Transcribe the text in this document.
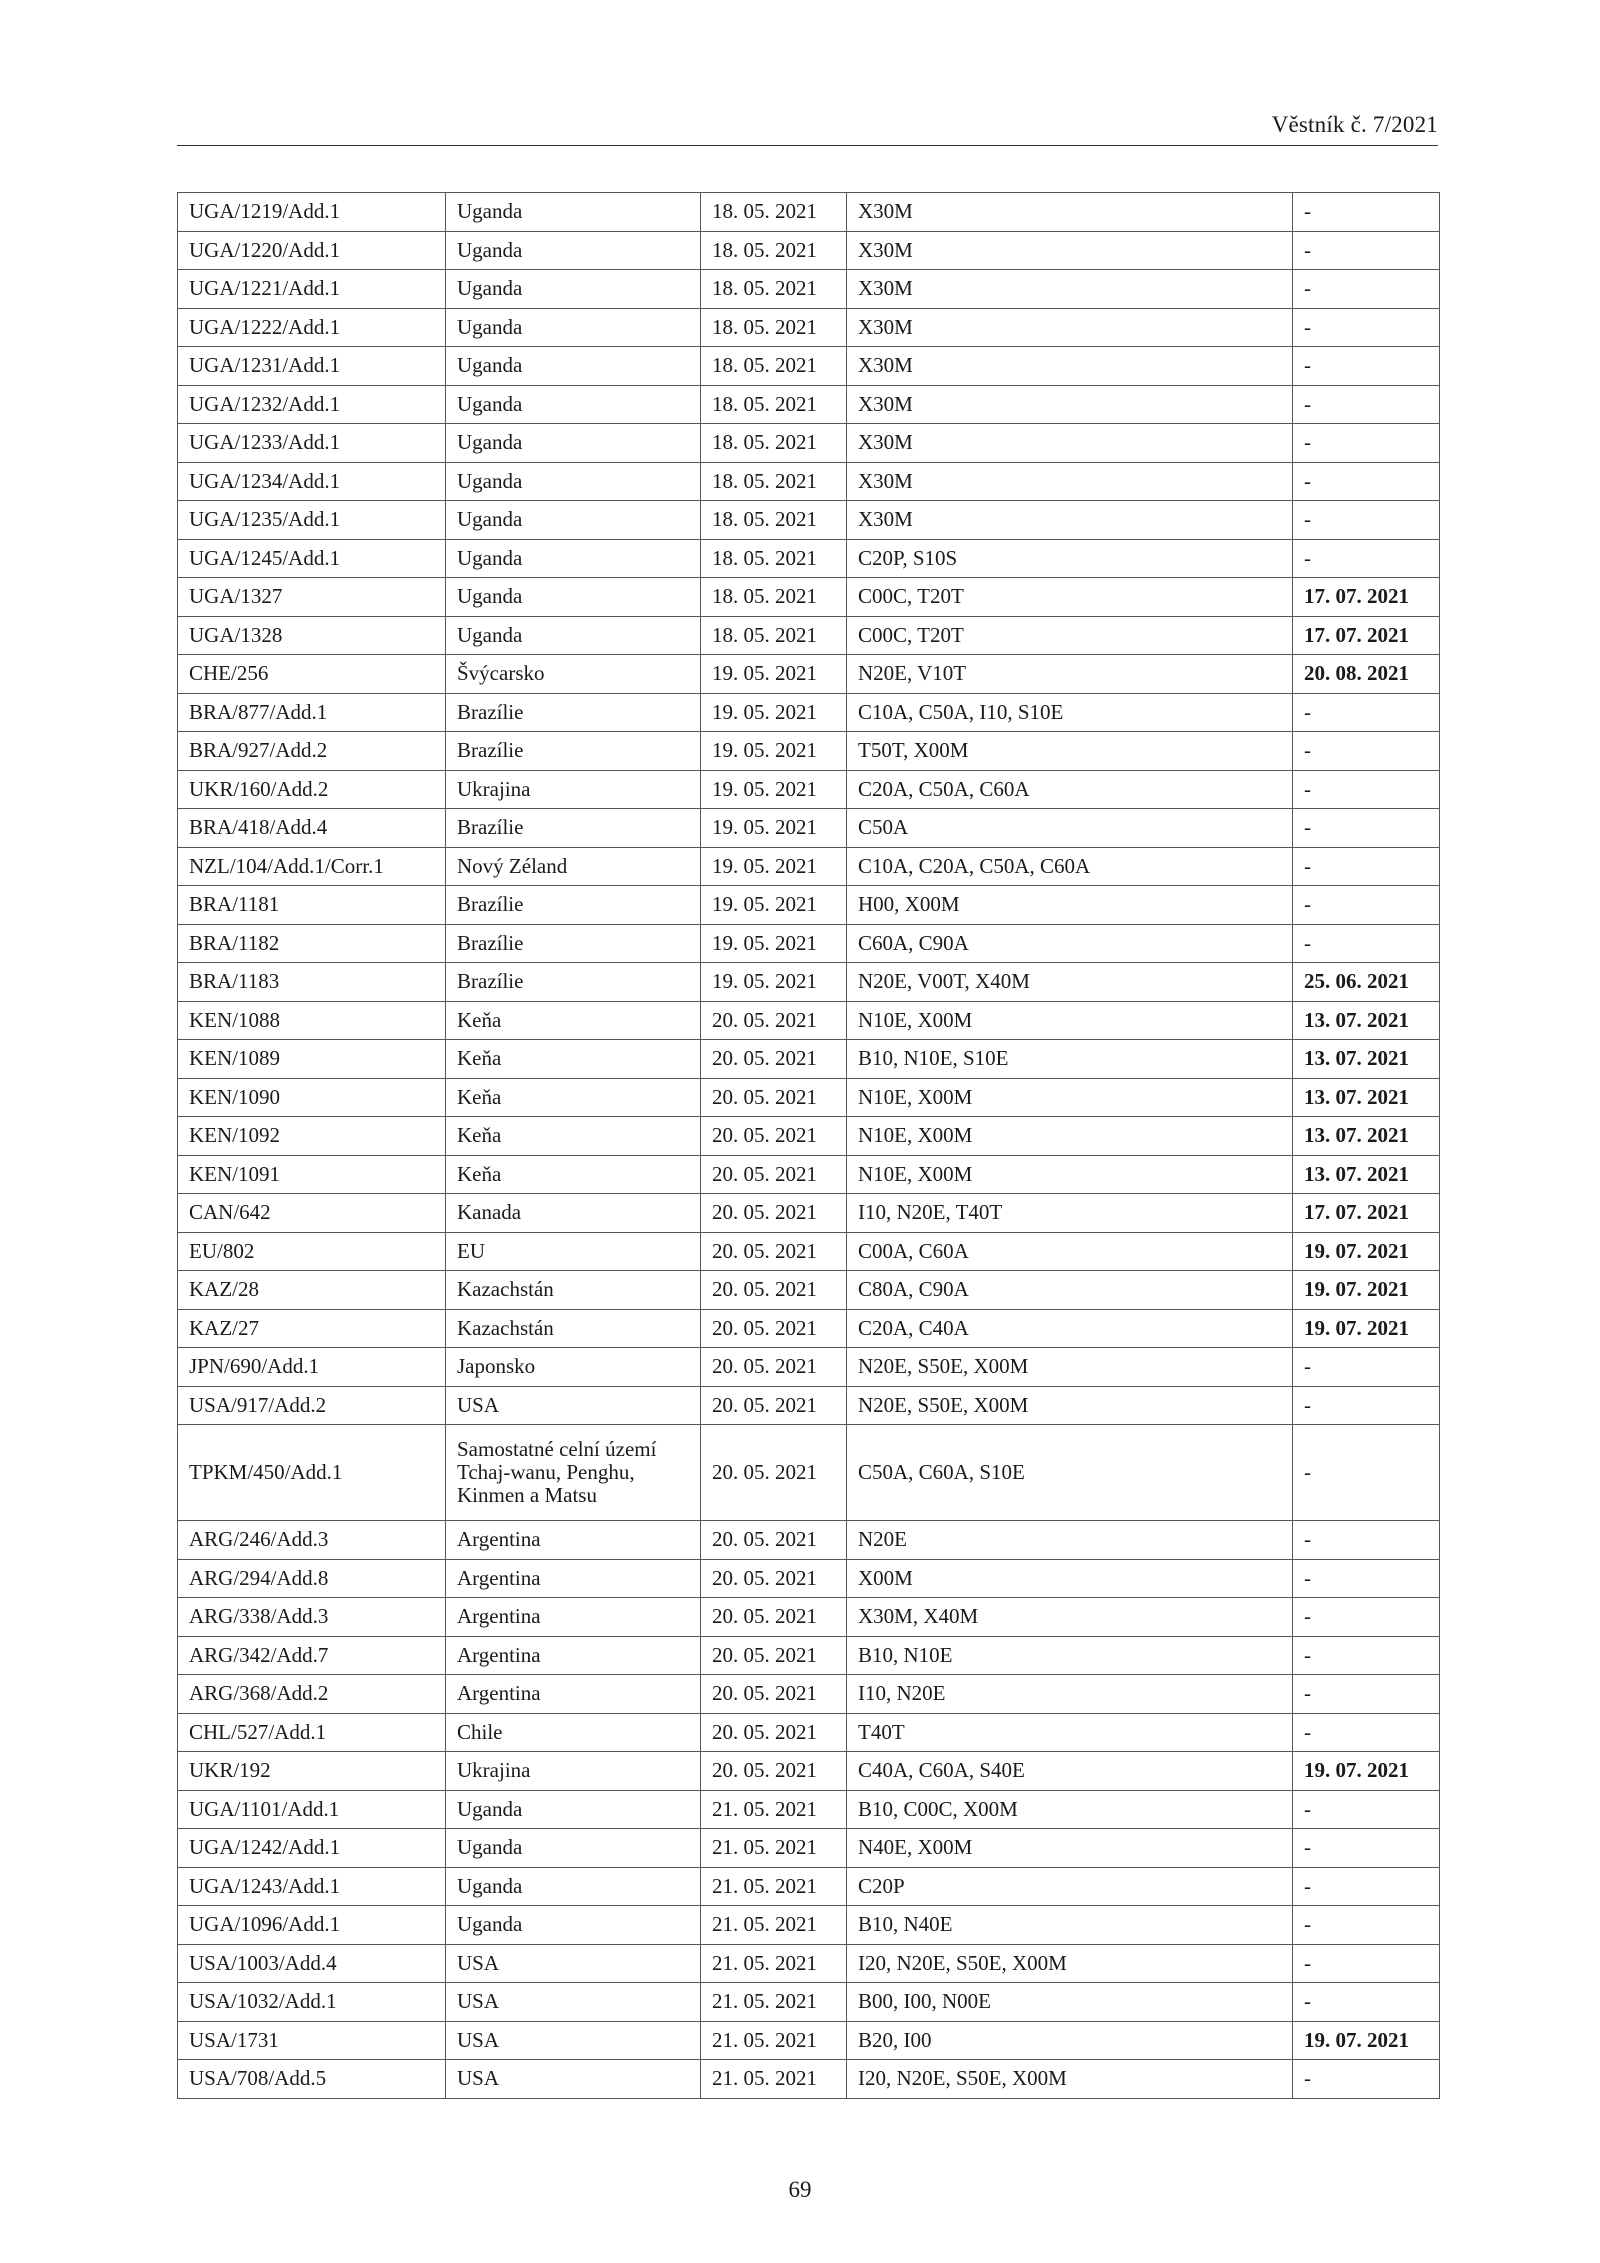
Věstník č. 7/2021
UGA/1219/Add.1	Uganda	18. 05. 2021	X30M	-
UGA/1220/Add.1	Uganda	18. 05. 2021	X30M	-
UGA/1221/Add.1	Uganda	18. 05. 2021	X30M	-
UGA/1222/Add.1	Uganda	18. 05. 2021	X30M	-
UGA/1231/Add.1	Uganda	18. 05. 2021	X30M	-
UGA/1232/Add.1	Uganda	18. 05. 2021	X30M	-
UGA/1233/Add.1	Uganda	18. 05. 2021	X30M	-
UGA/1234/Add.1	Uganda	18. 05. 2021	X30M	-
UGA/1235/Add.1	Uganda	18. 05. 2021	X30M	-
UGA/1245/Add.1	Uganda	18. 05. 2021	C20P, S10S	-
UGA/1327	Uganda	18. 05. 2021	C00C, T20T	17. 07. 2021
UGA/1328	Uganda	18. 05. 2021	C00C, T20T	17. 07. 2021
CHE/256	Švýcarsko	19. 05. 2021	N20E, V10T	20. 08. 2021
BRA/877/Add.1	Brazílie	19. 05. 2021	C10A, C50A, I10, S10E	-
BRA/927/Add.2	Brazílie	19. 05. 2021	T50T, X00M	-
UKR/160/Add.2	Ukrajina	19. 05. 2021	C20A, C50A, C60A	-
BRA/418/Add.4	Brazílie	19. 05. 2021	C50A	-
NZL/104/Add.1/Corr.1	Nový Zéland	19. 05. 2021	C10A, C20A, C50A, C60A	-
BRA/1181	Brazílie	19. 05. 2021	H00, X00M	-
BRA/1182	Brazílie	19. 05. 2021	C60A, C90A	-
BRA/1183	Brazílie	19. 05. 2021	N20E, V00T, X40M	25. 06. 2021
KEN/1088	Keňa	20. 05. 2021	N10E, X00M	13. 07. 2021
KEN/1089	Keňa	20. 05. 2021	B10, N10E, S10E	13. 07. 2021
KEN/1090	Keňa	20. 05. 2021	N10E, X00M	13. 07. 2021
KEN/1092	Keňa	20. 05. 2021	N10E, X00M	13. 07. 2021
KEN/1091	Keňa	20. 05. 2021	N10E, X00M	13. 07. 2021
CAN/642	Kanada	20. 05. 2021	I10, N20E, T40T	17. 07. 2021
EU/802	EU	20. 05. 2021	C00A, C60A	19. 07. 2021
KAZ/28	Kazachstán	20. 05. 2021	C80A, C90A	19. 07. 2021
KAZ/27	Kazachstán	20. 05. 2021	C20A, C40A	19. 07. 2021
JPN/690/Add.1	Japonsko	20. 05. 2021	N20E, S50E, X00M	-
USA/917/Add.2	USA	20. 05. 2021	N20E, S50E, X00M	-
TPKM/450/Add.1	Samostatné celní území Tchaj-wanu, Penghu, Kinmen a Matsu	20. 05. 2021	C50A, C60A, S10E	-
ARG/246/Add.3	Argentina	20. 05. 2021	N20E	-
ARG/294/Add.8	Argentina	20. 05. 2021	X00M	-
ARG/338/Add.3	Argentina	20. 05. 2021	X30M, X40M	-
ARG/342/Add.7	Argentina	20. 05. 2021	B10, N10E	-
ARG/368/Add.2	Argentina	20. 05. 2021	I10, N20E	-
CHL/527/Add.1	Chile	20. 05. 2021	T40T	-
UKR/192	Ukrajina	20. 05. 2021	C40A, C60A, S40E	19. 07. 2021
UGA/1101/Add.1	Uganda	21. 05. 2021	B10, C00C, X00M	-
UGA/1242/Add.1	Uganda	21. 05. 2021	N40E, X00M	-
UGA/1243/Add.1	Uganda	21. 05. 2021	C20P	-
UGA/1096/Add.1	Uganda	21. 05. 2021	B10, N40E	-
USA/1003/Add.4	USA	21. 05. 2021	I20, N20E, S50E, X00M	-
USA/1032/Add.1	USA	21. 05. 2021	B00, I00, N00E	-
USA/1731	USA	21. 05. 2021	B20, I00	19. 07. 2021
USA/708/Add.5	USA	21. 05. 2021	I20, N20E, S50E, X00M	-
69
